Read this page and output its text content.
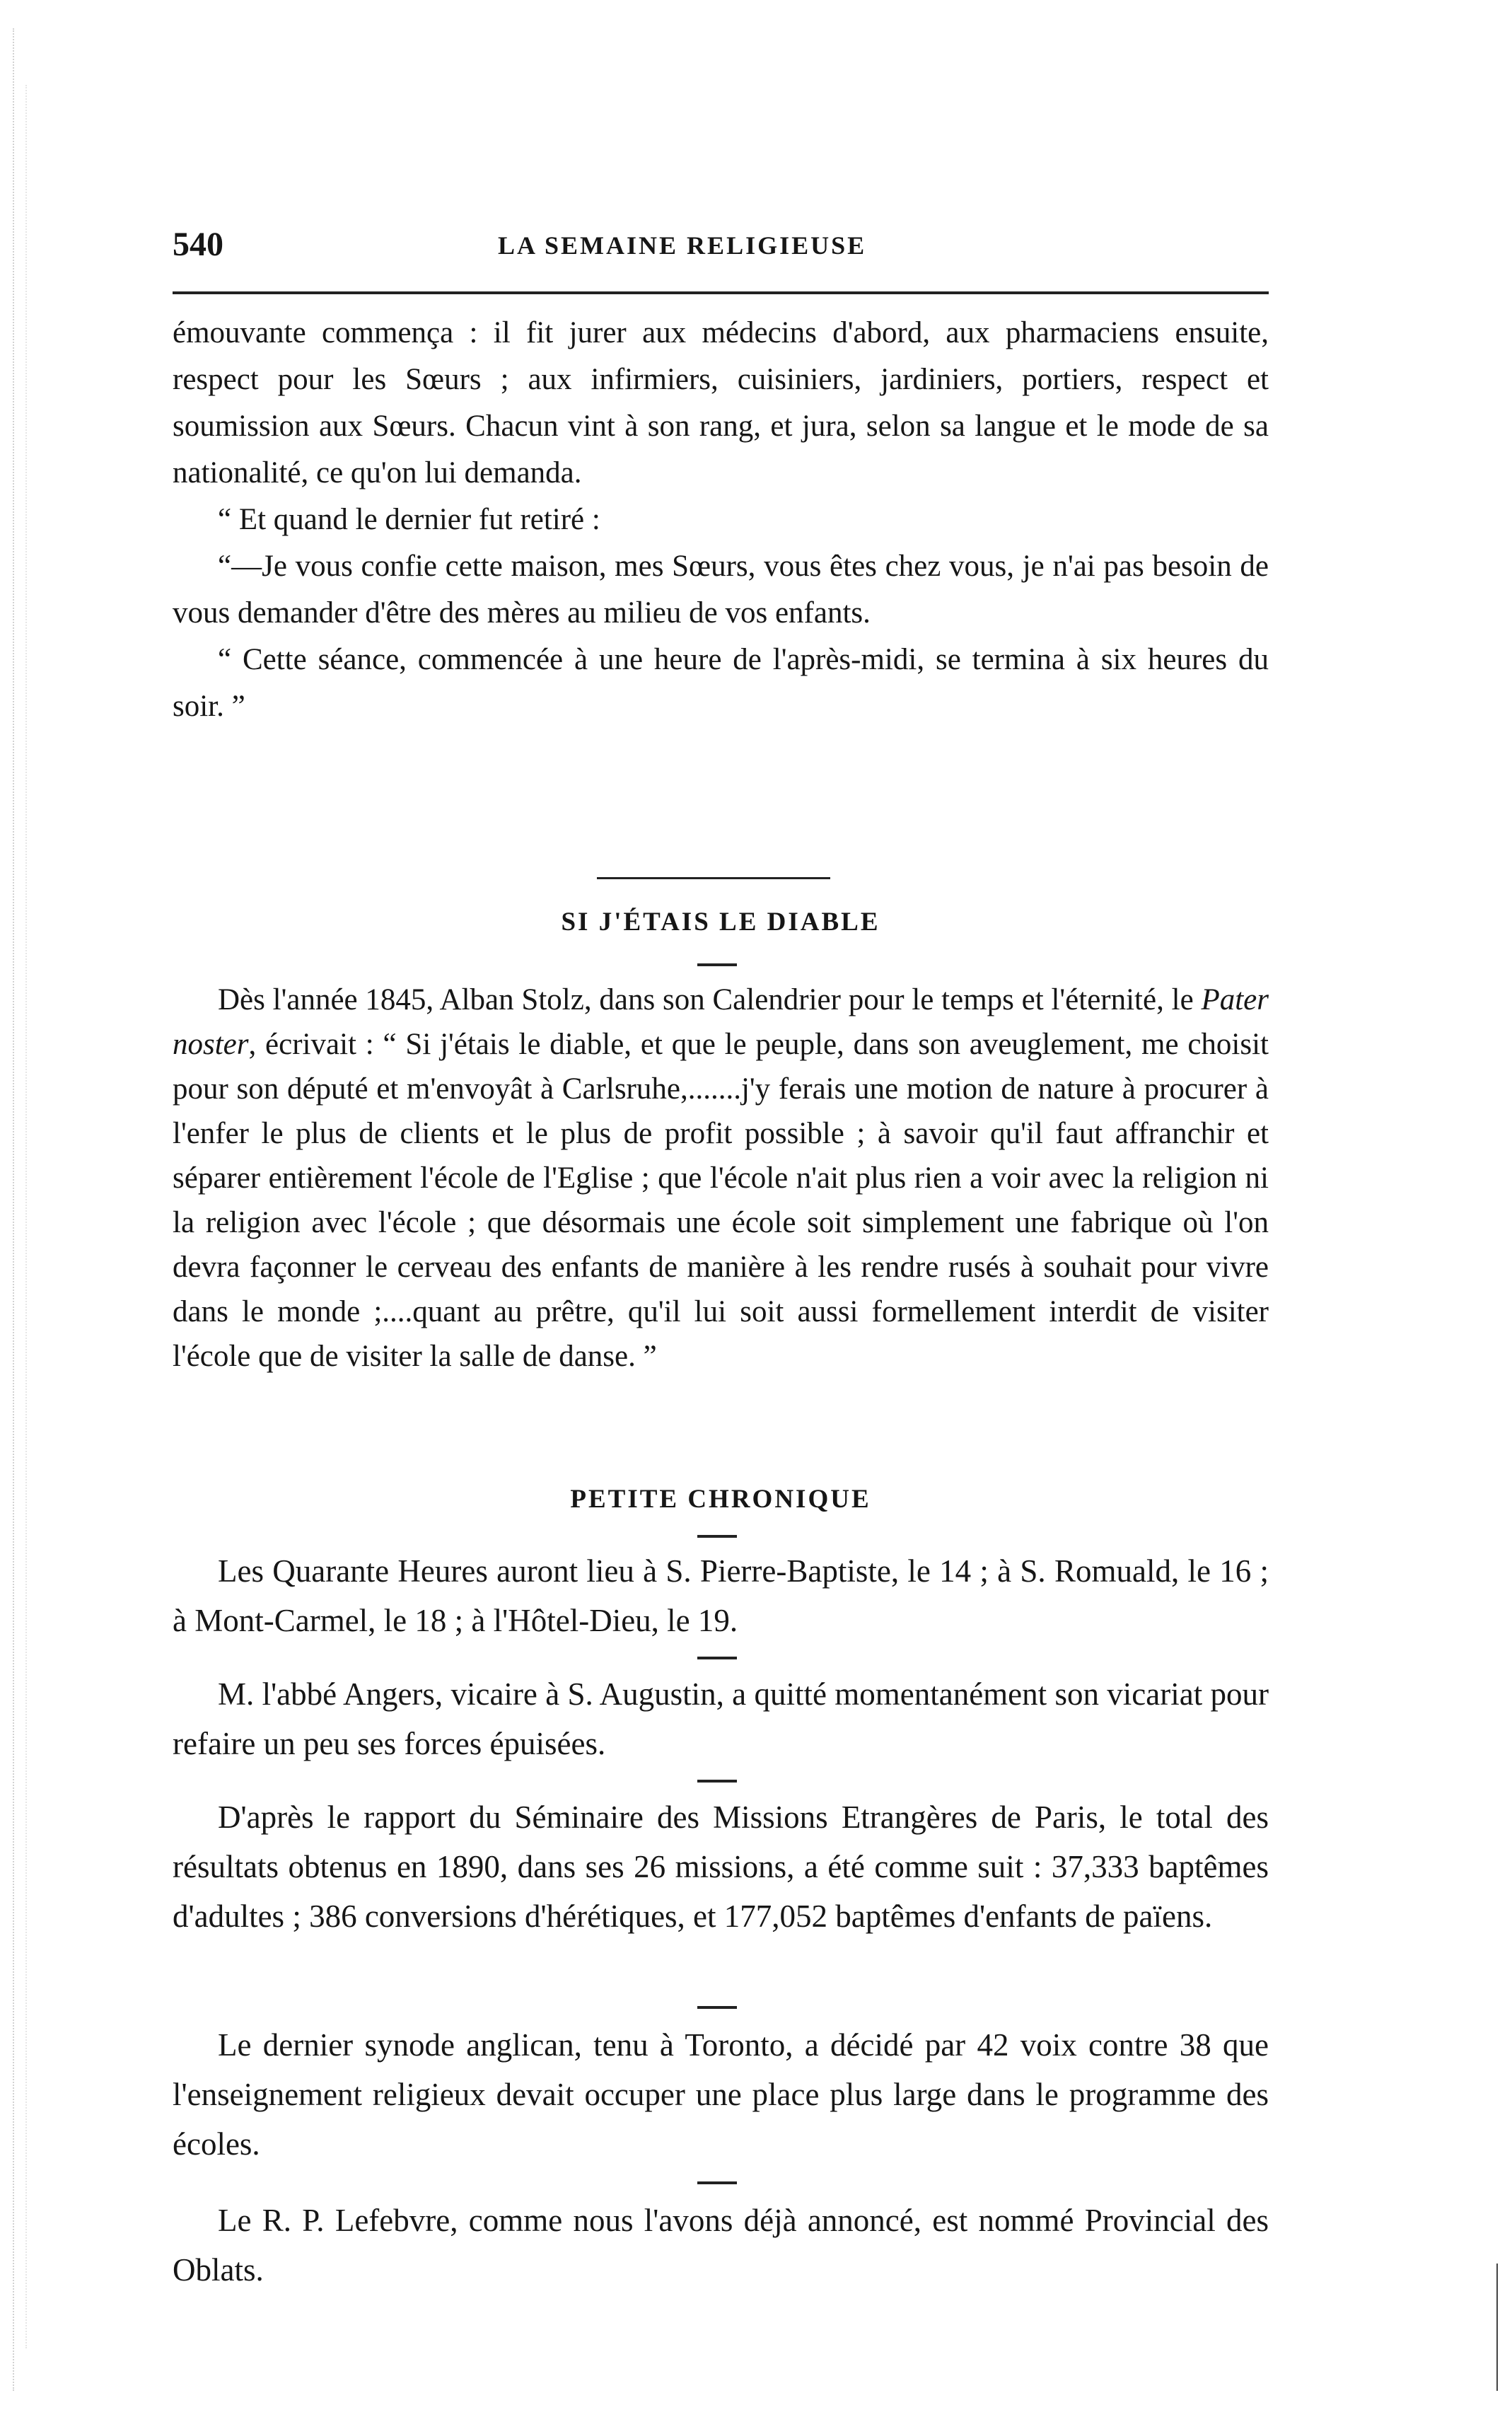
540	LA SEMAINE RELIGIEUSE

émouvante commença : il fit jurer aux médecins d'abord, aux pharmaciens ensuite, respect pour les Sœurs ; aux infirmiers, cuisiniers, jardiniers, portiers, respect et soumission aux Sœurs. Chacun vint à son rang, et jura, selon sa langue et le mode de sa nationalité, ce qu'on lui demanda.

“ Et quand le dernier fut retiré :

“—Je vous confie cette maison, mes Sœurs, vous êtes chez vous, je n'ai pas besoin de vous demander d'être des mères au milieu de vos enfants.

“ Cette séance, commencée à une heure de l'après-midi, se termina à six heures du soir. ”

SI J'ÉTAIS LE DIABLE
Dès l'année 1845, Alban Stolz, dans son Calendrier pour le temps et l'éternité, le Pater noster, écrivait : “ Si j'étais le diable, et que le peuple, dans son aveuglement, me choisit pour son député et m'envoyât à Carlsruhe,.......j'y ferais une motion de nature à procurer à l'enfer le plus de clients et le plus de profit possible ; à savoir qu'il faut affranchir et séparer entièrement l'école de l'Eglise ; que l'école n'ait plus rien a voir avec la religion ni la religion avec l'école ; que désormais une école soit simplement une fabrique où l'on devra façonner le cerveau des enfants de manière à les rendre rusés à souhait pour vivre dans le monde ;....quant au prêtre, qu'il lui soit aussi formellement interdit de visiter l'école que de visiter la salle de danse. ”
PETITE CHRONIQUE
Les Quarante Heures auront lieu à S. Pierre-Baptiste, le 14 ; à S. Romuald, le 16 ; à Mont-Carmel, le 18 ; à l'Hôtel-Dieu, le 19.
M. l'abbé Angers, vicaire à S. Augustin, a quitté momentanément son vicariat pour refaire un peu ses forces épuisées.
D'après le rapport du Séminaire des Missions Etrangères de Paris, le total des résultats obtenus en 1890, dans ses 26 missions, a été comme suit : 37,333 baptêmes d'adultes ; 386 conversions d'hérétiques, et 177,052 baptêmes d'enfants de païens.
Le dernier synode anglican, tenu à Toronto, a décidé par 42 voix contre 38 que l'enseignement religieux devait occuper une place plus large dans le programme des écoles.
Le R. P. Lefebvre, comme nous l'avons déjà annoncé, est nommé Provincial des Oblats.
